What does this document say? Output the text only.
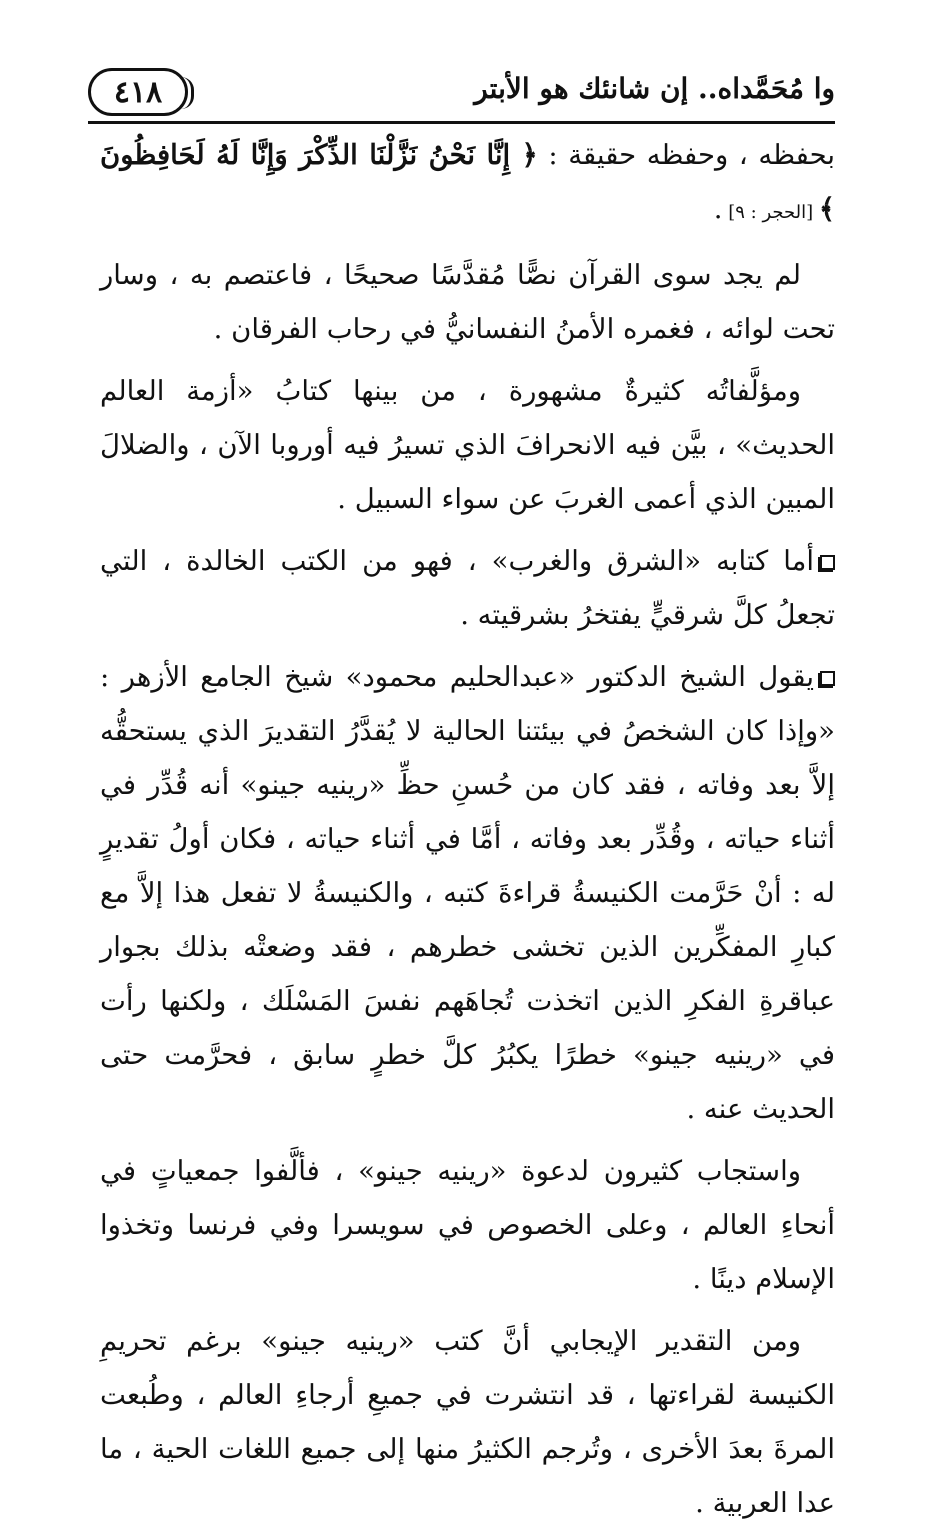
وا مُحَمَّداه.. إن شانئك هو الأبتر
٤١٨

بحفظه ، وحفظه حقيقة : ﴿ إِنَّا نَحْنُ نَزَّلْنَا الذِّكْرَ وَإِنَّا لَهُ لَحَافِظُونَ ﴾ [الحجر : ٩] .

لم يجد سوى القرآن نصًّا مُقدَّسًا صحيحًا ، فاعتصم به ، وسار تحت لوائه ، فغمره الأمنُ النفسانيُّ في رحاب الفرقان .

ومؤلَّفاتُه كثيرةٌ مشهورة ، من بينها كتابُ «أزمة العالم الحديث» ، بيَّن فيه الانحرافَ الذي تسيرُ فيه أوروبا الآن ، والضلالَ المبين الذي أعمى الغربَ عن سواء السبيل .

أما كتابه «الشرق والغرب» ، فهو من الكتب الخالدة ، التي تجعلُ كلَّ شرقيٍّ يفتخرُ بشرقيته .

يقول الشيخ الدكتور «عبدالحليم محمود» شيخ الجامع الأزهر : «وإذا كان الشخصُ في بيئتنا الحالية لا يُقدَّرُ التقديرَ الذي يستحقُّه إلاَّ بعد وفاته ، فقد كان من حُسنِ حظِّ «رينيه جينو» أنه قُدِّر في أثناء حياته ، وقُدِّر بعد وفاته ، أمَّا في أثناء حياته ، فكان أولُ تقديرٍ له : أنْ حَرَّمت الكنيسةُ قراءةَ كتبه ، والكنيسةُ لا تفعل هذا إلاَّ مع كبارِ المفكِّرين الذين تخشى خطرهم ، فقد وضعتْه بذلك بجوار عباقرةِ الفكرِ الذين اتخذت تُجاهَهم نفسَ المَسْلَك ، ولكنها رأت في «رينيه جينو» خطرًا يكبُرُ كلَّ خطرٍ سابق ، فحرَّمت حتى الحديث عنه .

واستجاب كثيرون لدعوة «رينيه جينو» ، فألَّفوا جمعياتٍ في أنحاءِ العالم ، وعلى الخصوص في سويسرا وفي فرنسا وتخذوا الإسلام دينًا .

ومن التقدير الإيجابي أنَّ كتب «رينيه جينو» برغم تحريمِ الكنيسة لقراءتها ، قد انتشرت في جميعِ أرجاءِ العالم ، وطُبعت المرةَ بعدَ الأخرى ، وتُرجم الكثيرُ منها إلى جميع اللغات الحية ، ما عدا العربية .
